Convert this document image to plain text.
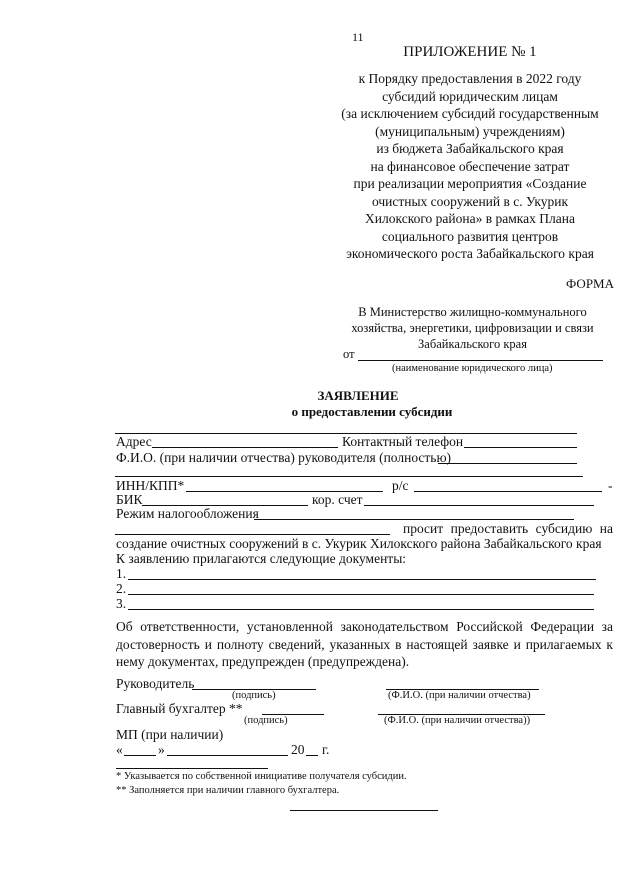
11
ПРИЛОЖЕНИЕ № 1
к Порядку предоставления в 2022 году
субсидий юридическим лицам
(за исключением субсидий государственным
(муниципальным) учреждениям)
из бюджета Забайкальского края
на финансовое обеспечение затрат
при реализации мероприятия «Создание
очистных сооружений в с. Укурик
Хилокского района» в рамках Плана
социального развития центров
экономического роста Забайкальского края
ФОРМА
В Министерство жилищно-коммунального
хозяйства, энергетики, цифровизации и связи
Забайкальского края
от
(наименование юридического лица)
ЗАЯВЛЕНИЕ
о предоставлении субсидии
Адрес	Контактный телефон
Ф.И.О. (при наличии отчества) руководителя (полностью)
ИНН/КПП*	р/с	-
БИК	кор. счет
Режим налогообложения
просит предоставить субсидию на
создание очистных сооружений в с. Укурик Хилокского района Забайкальского края
К заявлению прилагаются следующие документы:
1.
2.
3.
Об ответственности, установленной законодательством Российской Федерации за достоверность и полноту сведений, указанных в настоящей заявке и прилагаемых к нему документах, предупрежден (предупреждена).
Руководитель
(подпись)	(Ф.И.О. (при наличии отчества)
Главный бухгалтер **
(подпись)	(Ф.И.О. (при наличии отчества))
МП (при наличии)
«	»	20 г.
* Указывается по собственной инициативе получателя субсидии.
** Заполняется при наличии главного бухгалтера.
